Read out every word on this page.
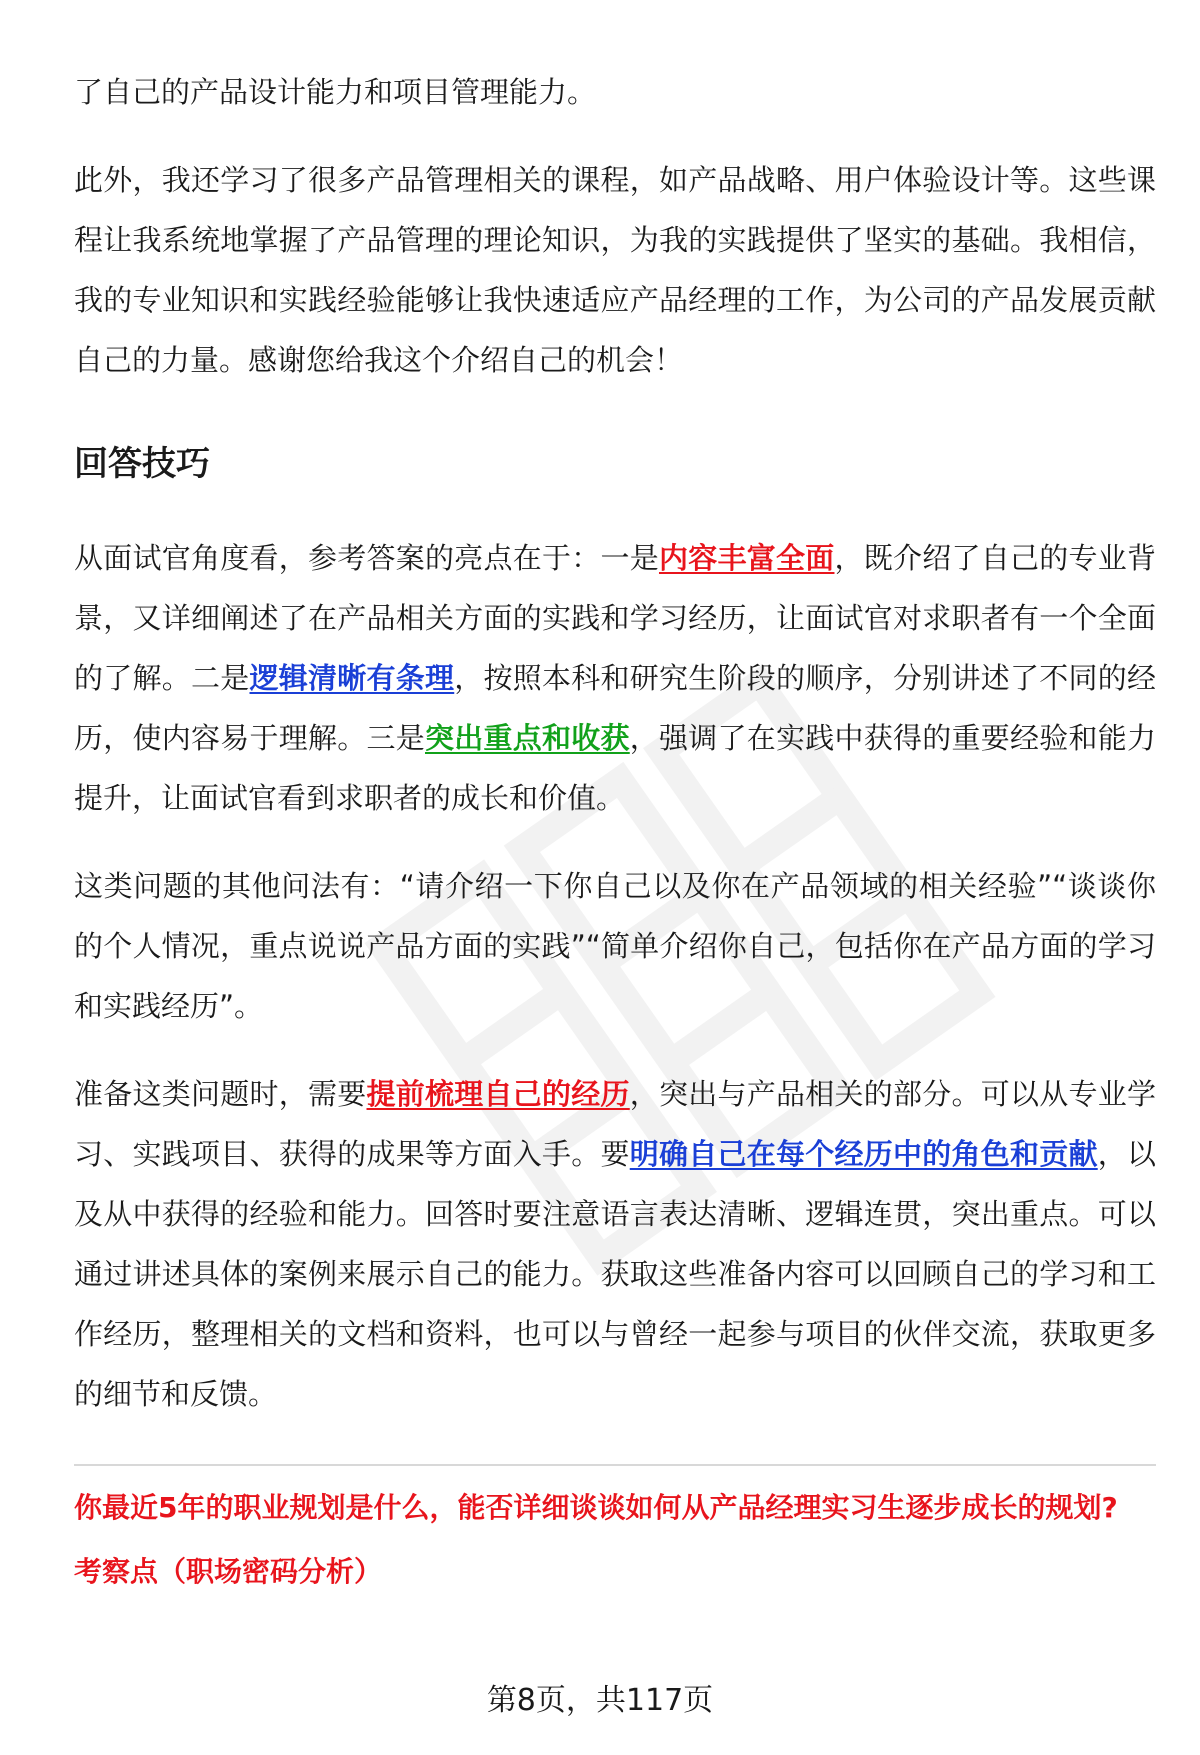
了自己的产品设计能力和项目管理能力。

此外，我还学习了很多产品管理相关的课程，如产品战略、用户体验设计等。这些课程让我系统地掌握了产品管理的理论知识，为我的实践提供了坚实的基础。我相信，我的专业知识和实践经验能够让我快速适应产品经理的工作，为公司的产品发展贡献自己的力量。感谢您给我这个介绍自己的机会！

回答技巧

从面试官角度看，参考答案的亮点在于：一是内容丰富全面，既介绍了自己的专业背景，又详细阐述了在产品相关方面的实践和学习经历，让面试官对求职者有一个全面的了解。二是逻辑清晰有条理，按照本科和研究生阶段的顺序，分别讲述了不同的经历，使内容易于理解。三是突出重点和收获，强调了在实践中获得的重要经验和能力提升，让面试官看到求职者的成长和价值。

这类问题的其他问法有：“请介绍一下你自己以及你在产品领域的相关经验”“谈谈你的个人情况，重点说说产品方面的实践”“简单介绍你自己，包括你在产品方面的学习和实践经历”。

准备这类问题时，需要提前梳理自己的经历，突出与产品相关的部分。可以从专业学习、实践项目、获得的成果等方面入手。要明确自己在每个经历中的角色和贡献，以及从中获得的经验和能力。回答时要注意语言表达清晰、逻辑连贯，突出重点。可以通过讲述具体的案例来展示自己的能力。获取这些准备内容可以回顾自己的学习和工作经历，整理相关的文档和资料，也可以与曾经一起参与项目的伙伴交流，获取更多的细节和反馈。

你最近5年的职业规划是什么，能否详细谈谈如何从产品经理实习生逐步成长的规划?

考察点（职场密码分析）

第8页，共117页
